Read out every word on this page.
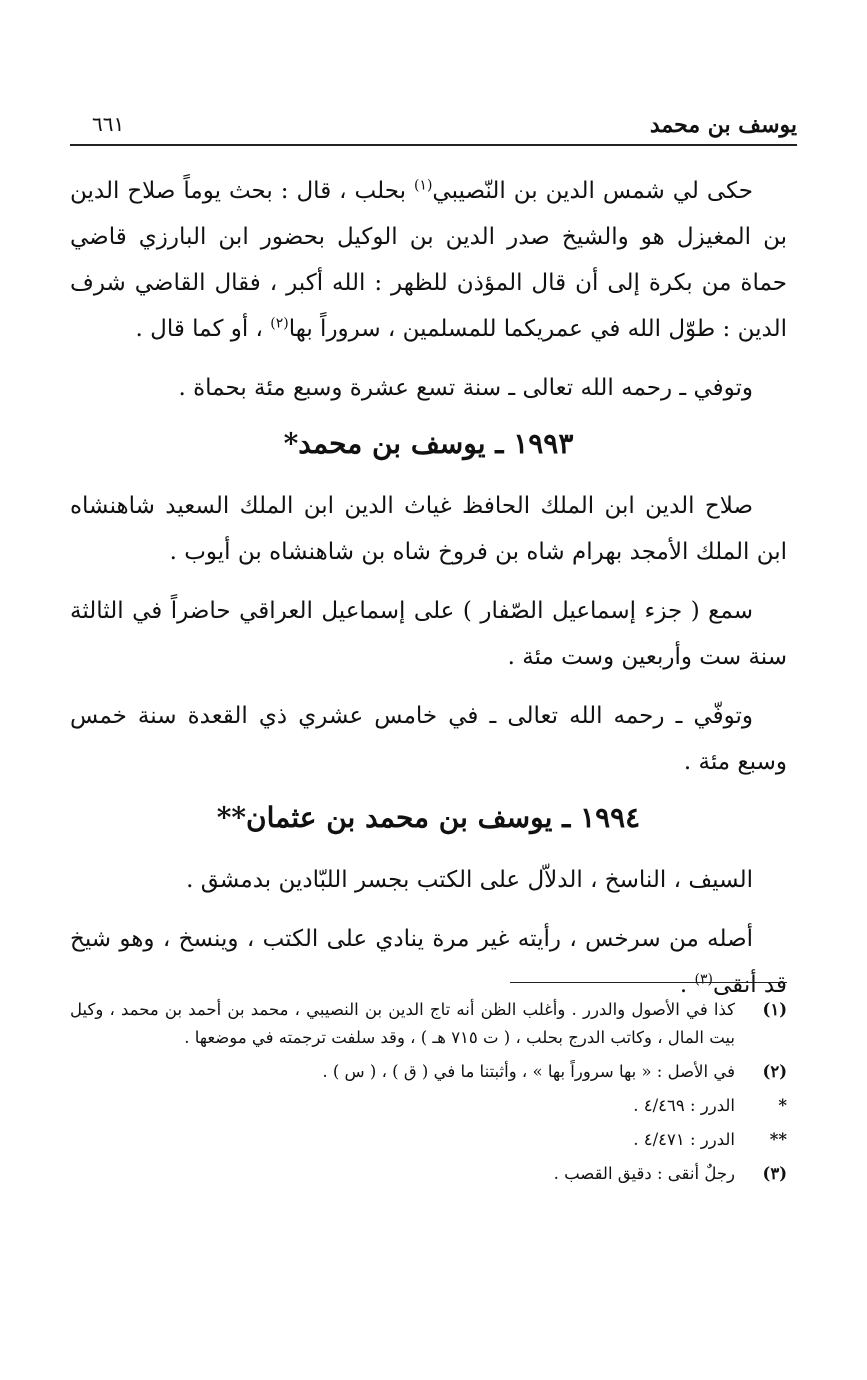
يوسف بن محمد
٦٦١

حكى لي شمس الدين بن النّصيبي$^{(١)}$ بحلب ، قال : بحث يوماً صلاح الدين بن المغيزل هو والشيخ صدر الدين بن الوكيل بحضور ابن البارزي قاضي حماة من بكرة إلى أن قال المؤذن للظهر : الله أكبر ، فقال القاضي شرف الدين : طوّل الله في عمريكما للمسلمين ، سروراً بها$^{(٢)}$ ، أو كما قال .

وتوفي ـ رحمه الله تعالى ـ سنة تسع عشرة وسبع مئة بحماة .

١٩٩٣ ـ يوسف بن محمد*

صلاح الدين ابن الملك الحافظ غياث الدين ابن الملك السعيد شاهنشاه ابن الملك الأمجد بهرام شاه بن فروخ شاه بن شاهنشاه بن أيوب .

سمع ( جزء إسماعيل الصّفار ) على إسماعيل العراقي حاضراً في الثالثة سنة ست وأربعين وست مئة .

وتوفّي ـ رحمه الله تعالى ـ في خامس عشري ذي القعدة سنة خمس وسبع مئة .

١٩٩٤ ـ يوسف بن محمد بن عثمان**

السيف ، الناسخ ، الدلاّل على الكتب بجسر اللبّادين بدمشق .

أصله من سرخس ، رأيته غير مرة ينادي على الكتب ، وينسخ ، وهو شيخ قد أنقى$^{(٣)}$ .

(١)
كذا في الأصول والدرر . وأغلب الظن أنه تاج الدين بن النصيبي ، محمد بن أحمد بن محمد ، وكيل بيت المال ، وكاتب الدرج بحلب ، ( ت ٧١٥ هـ ) ، وقد سلفت ترجمته في موضعها .
(٢)
في الأصل : « بها سروراً بها » ، وأثبتنا ما في ( ق ) ، ( س ) .
*
الدرر : ٤/٤٦٩ .
**
الدرر : ٤/٤٧١ .
(٣)
رجلٌ أنقى : دقيق القصب .
